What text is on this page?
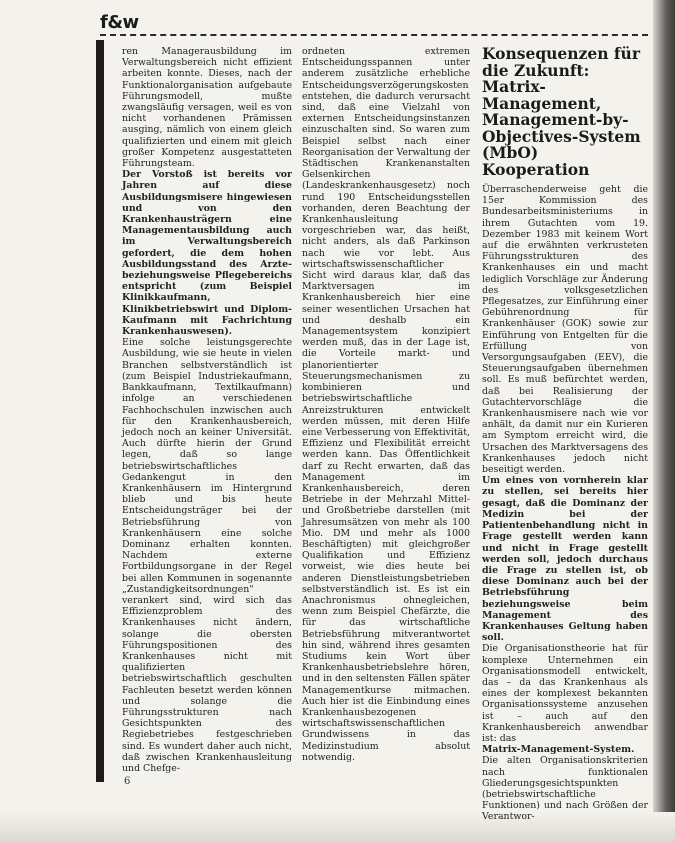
f&w

ren Managerausbildung im Verwaltungsbereich nicht effizient arbeiten konnte. Dieses, nach der Funktionalorganisation aufgebaute Führungsmodell, mußte zwangsläufig versagen, weil es von nicht vorhandenen Prämissen ausging, nämlich von einem gleich qualifizierten und einem mit gleich großer Kompetenz ausgestatteten Führungsteam.

Der Vorstoß ist bereits vor Jahren auf diese Ausbildungsmisere hingewiesen und von den Krankenhausträgern eine Managementausbildung auch im Verwaltungsbereich gefordert, die dem hohen Ausbildungsstand des Arzte- beziehungsweise Pflegebereichs entspricht (zum Beispiel Klinikkaufmann, Klinikbetriebswirt und Diplom-Kaufmann mit Fachrichtung Krankenhauswesen).

Eine solche leistungsgerechte Ausbildung, wie sie heute in vielen Branchen selbstverständlich ist (zum Beispiel Industriekaufmann, Bankkaufmann, Textilkaufmann) infolge an verschiedenen Fachhochschulen inzwischen auch für den Krankenhausbereich, jedoch noch an keiner Universität. Auch dürfte hierin der Grund legen, daß so lange betriebswirtschaftliches Gedankengut in den Krankenhäusern im Hintergrund blieb und bis heute Entscheidungsträger bei der Betriebsführung von Krankenhäusern eine solche Dominanz erhalten konnten. Nachdem externe Fortbildungsorgane in der Regel bei allen Kommunen in sogenannte „Zustandigkeitsordnungen" verankert sind, wird sich das Effizienzproblem des Krankenhauses nicht ändern, solange die obersten Führungspositionen des Krankenhauses nicht mit qualifizierten betriebswirtschaftlich geschulten Fachleuten besetzt werden können und solange die Führungsstrukturen nach Gesichtspunkten des Regiebetriebes festgeschrieben sind. Es wundert daher auch nicht, daß zwischen Krankenhausleitung und Chefge-

ordneten extremen Entscheidungsspannen unter anderem zusätzliche erhebliche Entscheidungsverzögerungskosten entstehen, die dadurch verursacht sind, daß eine Vielzahl von externen Entscheidungsinstanzen einzuschalten sind. So waren zum Beispiel selbst nach einer Reorganisation der Verwaltung der Städtischen Krankenanstalten Gelsenkirchen (Landeskrankenhausgesetz) noch rund 190 Entscheidungsstellen vorhanden, deren Beachtung der Krankenhausleitung vorgeschrieben war, das heißt, nicht anders, als daß Parkinson nach wie vor lebt. Aus wirtschaftswissenschaftlicher Sicht wird daraus klar, daß das Marktversagen im Krankenhausbereich hier eine seiner wesentlichen Ursachen hat und deshalb ein Managementsystem konzipiert werden muß, das in der Lage ist, die Vorteile markt- und planorientierter Steuerungsmechanismen zu kombinieren und betriebswirtschaftliche Anreizstrukturen entwickelt werden müssen, mit deren Hilfe eine Verbesserung von Effektivität, Effizienz und Flexibilität erreicht werden kann. Das Öffentlichkeit darf zu Recht erwarten, daß das Management im Krankenhausbereich, deren Betriebe in der Mehrzahl Mittel- und Großbetriebe darstellen (mit Jahresumsätzen von mehr als 100 Mio. DM und mehr als 1000 Beschäftigten) mit gleichgroßer Qualifikation und Effizienz vorweist, wie dies heute bei anderen Dienstleistungsbetrieben selbstverständlich ist. Es ist ein Anachronismus ohnegleichen, wenn zum Beispiel Chefärzte, die für das wirtschaftliche Betriebsführung mitverantwortet hin sind, während ihres gesamten Studiums kein Wort über Krankenhausbetriebslehre hören, und in den seltensten Fällen später Managementkurse mitmachen. Auch hier ist die Einbindung eines Krankenhausbezogenen wirtschaftswissenschaftlichen Grundwissens in das Medizinstudium absolut notwendig.

Konsequenzen für die Zukunft: Matrix-Management, Management-by-Objectives-System (MbO) Kooperation

Überraschenderweise geht die 15er Kommission des Bundesarbeitsministeriums in ihrem Gutachten vom 19. Dezember 1983 mit keinem Wort auf die erwähnten verkrusteten Führungsstrukturen des Krankenhauses ein und macht lediglich Vorschläge zur Änderung des volksgesetzlichen Pflegesatzes, zur Einführung einer Gebührenordnung für Krankenhäuser (GOK) sowie zur Einführung von Entgelten für die Erfüllung von Versorgungsaufgaben (EEV), die Steuerungsaufgaben übernehmen soll. Es muß befürchtet werden, daß bei Realisierung der Gutachtervorschläge die Krankenhausmisere nach wie vor anhält, da damit nur ein Kurieren am Symptom erreicht wird, die Ursachen des Marktversagens des Krankenhauses jedoch nicht beseitigt werden.

Um eines von vornherein klar zu stellen, sei bereits hier gesagt, daß die Dominanz der Medizin bei der Patientenbehandlung nicht in Frage gestellt werden kann und nicht in Frage gestellt werden soll, jedoch durchaus die Frage zu stellen ist, ob diese Dominanz auch bei der Betriebsführung beziehungsweise beim Management des Krankenhauses Geltung haben soll.

Die Organisationstheorie hat für komplexe Unternehmen ein Organisationsmodell entwickelt, das – da das Krankenhaus als eines der komplexest bekannten Organisationssysteme anzusehen ist – auch auf den Krankenhausbereich anwendbar ist: das

Matrix-Management-System.

Die alten Organisationskriterien nach funktionalen Gliederungsgesichtspunkten (betriebswirtschaftliche Funktionen) und nach Größen der Verantwor-

6
